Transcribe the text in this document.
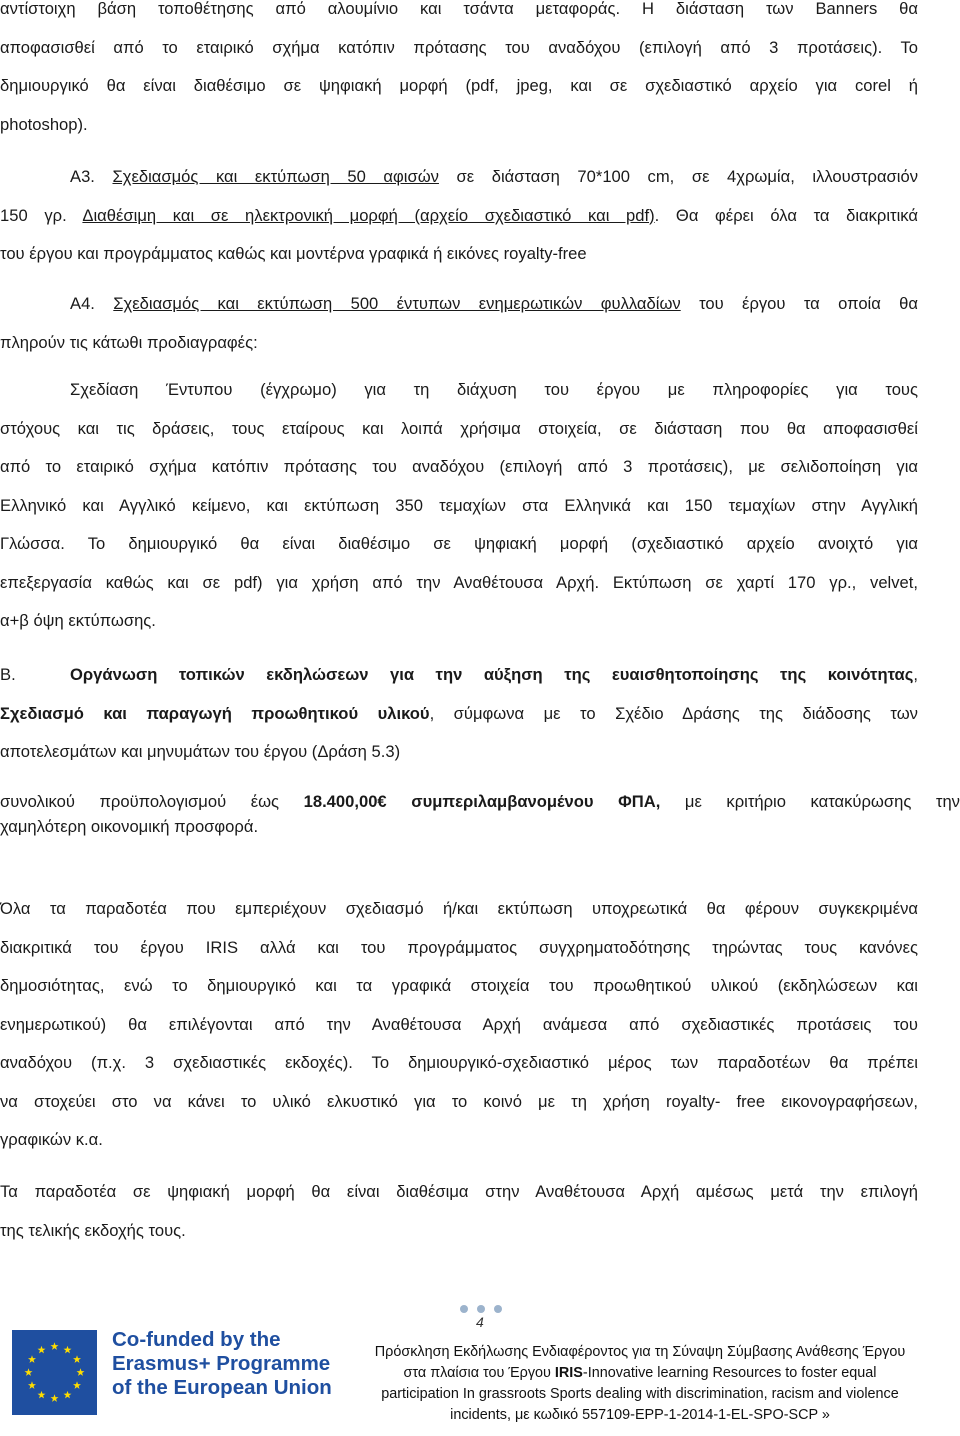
αντίστοιχη βάση τοποθέτησης από αλουμίνιο και τσάντα μεταφοράς. Η διάσταση των Banners θα
αποφασισθεί από το εταιρικό σχήμα κατόπιν πρότασης του αναδόχου (επιλογή από 3 προτάσεις). Το
δημιουργικό θα είναι διαθέσιμο σε ψηφιακή μορφή (pdf, jpeg, και σε σχεδιαστικό αρχείο για corel ή
photoshop).
Α3. Σχεδιασμός και εκτύπωση 50 αφισών σε διάσταση 70*100 cm, σε 4χρωμία, ιλλουστρασιόν
150 γρ. Διαθέσιμη και σε ηλεκτρονική μορφή (αρχείο σχεδιαστικό και pdf). Θα φέρει όλα τα διακριτικά
του έργου και προγράμματος καθώς και μοντέρνα γραφικά ή εικόνες royalty-free
Α4. Σχεδιασμός και εκτύπωση 500 έντυπων ενημερωτικών φυλλαδίων του έργου τα οποία θα
πληρούν τις κάτωθι προδιαγραφές:
Σχεδίαση Έντυπου (έγχρωμο) για τη διάχυση του έργου με πληροφορίες για τους
στόχους και τις δράσεις, τους εταίρους και λοιπά χρήσιμα στοιχεία, σε διάσταση που θα αποφασισθεί
από το εταιρικό σχήμα κατόπιν πρότασης του αναδόχου (επιλογή από 3 προτάσεις), με σελιδοποίηση για
Ελληνικό και Αγγλικό κείμενο, και εκτύπωση 350 τεμαχίων στα Ελληνικά και 150 τεμαχίων στην Αγγλική
Γλώσσα. Το δημιουργικό θα είναι διαθέσιμο σε ψηφιακή μορφή (σχεδιαστικό αρχείο ανοιχτό για
επεξεργασία καθώς και σε pdf) για χρήση από την Αναθέτουσα Αρχή. Εκτύπωση σε χαρτί 170 γρ., velvet,
α+β όψη εκτύπωσης.
Β.	Οργάνωση τοπικών εκδηλώσεων για την αύξηση της ευαισθητοποίησης της κοινότητας,
Σχεδιασμό και παραγωγή προωθητικού υλικού, σύμφωνα με το Σχέδιο Δράσης της διάδοσης των
αποτελεσμάτων και μηνυμάτων του έργου (Δράση 5.3)
συνολικού προϋπολογισμού έως 18.400,00€ συμπεριλαμβανομένου ΦΠΑ, με κριτήριο κατακύρωσης την
χαμηλότερη οικονομική προσφορά.
Όλα τα παραδοτέα που εμπεριέχουν σχεδιασμό ή/και εκτύπωση υποχρεωτικά θα φέρουν συγκεκριμένα
διακριτικά του έργου IRIS αλλά και του προγράμματος συγχρηματοδότησης τηρώντας τους κανόνες
δημοσιότητας, ενώ το δημιουργικό και τα γραφικά στοιχεία του προωθητικού υλικού (εκδηλώσεων και
ενημερωτικού) θα επιλέγονται από την Αναθέτουσα Αρχή ανάμεσα από σχεδιαστικές προτάσεις του
αναδόχου (π.χ. 3 σχεδιαστικές εκδοχές). Το δημιουργικό-σχεδιαστικό μέρος των παραδοτέων θα πρέπει
να στοχεύει στο να κάνει το υλικό ελκυστικό για το κοινό με τη χρήση royalty- free εικονογραφήσεων,
γραφικών κ.α.
Τα παραδοτέα σε ψηφιακή μορφή θα είναι διαθέσιμα στην Αναθέτουσα Αρχή αμέσως μετά την επιλογή
της τελικής εκδοχής τους.
4
Co-funded by the
Erasmus+ Programme
of the European Union
Πρόσκληση Εκδήλωσης Ενδιαφέροντος για τη Σύναψη Σύμβασης Ανάθεσης Έργου
στα πλαίσια του Έργου IRIS-Innovative learning Resources to foster equal
participation In grassroots Sports dealing with discrimination, racism and violence
incidents, με κωδικό 557109-EPP-1-2014-1-EL-SPO-SCP »
